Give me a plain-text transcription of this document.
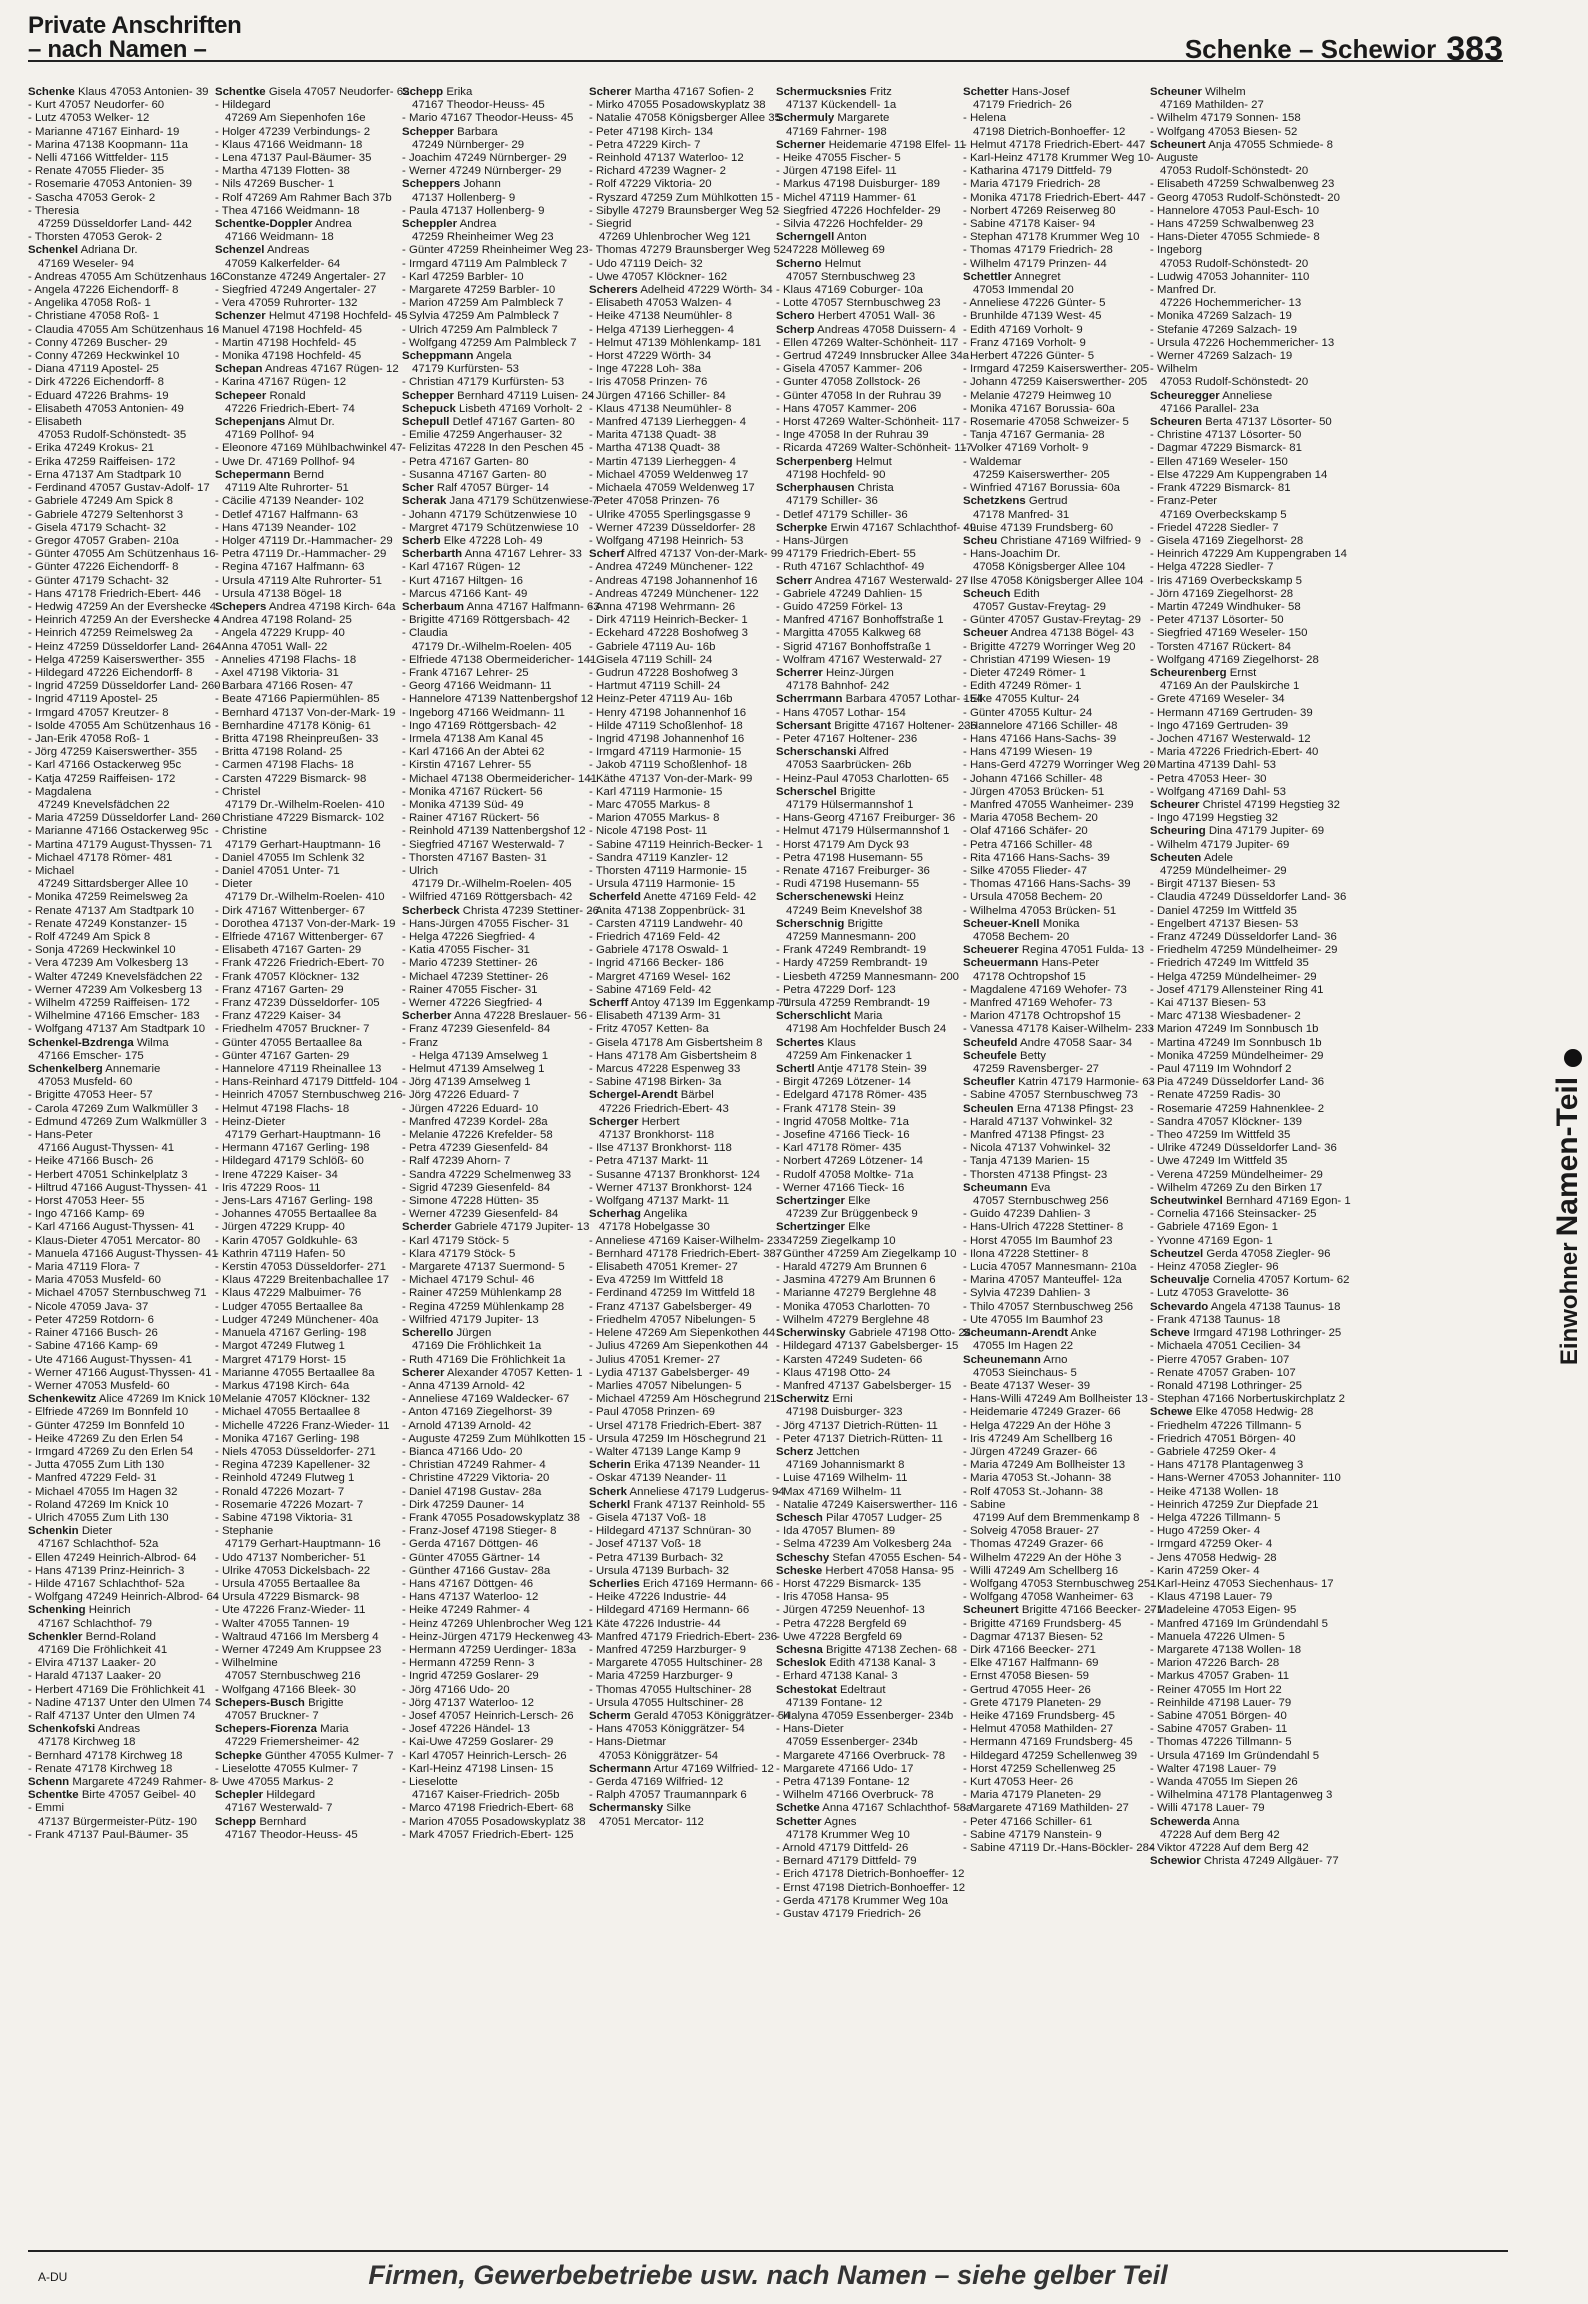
Private Anschriften
– nach Namen –	Schenke – Schewior 383
Schenke Klaus 47053 Antonien- 39
- Kurt 47057 Neudorfer- 60
- Lutz 47053 Welker- 12
- Marianne 47167 Einhard- 19
- Marina 47138 Koopmann- 11a
- Nelli 47166 Wittfelder- 115
- Renate 47055 Flieder- 35
- Rosemarie 47053 Antonien- 39
- Sascha 47053 Gerok- 2
- Theresia
47259 Düsseldorfer Land- 442
- Thorsten 47053 Gerok- 2
Schenkel Adriana Dr.
47169 Weseler- 94
- Andreas 47055 Am Schützenhaus 16
- Angela 47226 Eichendorff- 8
- Angelika 47058 Roß- 1
- Christiane 47058 Roß- 1
- Claudia 47055 Am Schützenhaus 16
- Conny 47269 Buscher- 29
- Conny 47269 Heckwinkel 10
- Diana 47119 Apostel- 25
- Dirk 47226 Eichendorff- 8
- Eduard 47226 Brahms- 19
- Elisabeth 47053 Antonien- 49
- Elisabeth
47053 Rudolf-Schönstedt- 35
- Erika 47249 Krokus- 21
- Erika 47259 Raiffeisen- 172
- Erna 47137 Am Stadtpark 10
- Ferdinand 47057 Gustav-Adolf- 17
- Gabriele 47249 Am Spick 8
- Gabriele 47279 Seltenhorst 3
- Gisela 47179 Schacht- 32
- Gregor 47057 Graben- 210a
- Günter 47055 Am Schützenhaus 16
- Günter 47226 Eichendorff- 8
- Günter 47179 Schacht- 32
- Hans 47178 Friedrich-Ebert- 446
- Hedwig 47259 An der Evershecke 4
- Heinrich 47259 An der Evershecke 4
- Heinrich 47259 Reimelsweg 2a
- Heinz 47259 Düsseldorfer Land- 264
- Helga 47259 Kaiserswerther- 355
- Hildegard 47226 Eichendorff- 8
- Ingrid 47259 Düsseldorfer Land- 260
- Ingrid 47119 Apostel- 25
- Irmgard 47057 Kreutzer- 8
- Isolde 47055 Am Schützenhaus 16
- Jan-Erik 47058 Roß- 1
- Jörg 47259 Kaiserswerther- 355
- Karl 47166 Ostackerweg 95c
- Katja 47259 Raiffeisen- 172
- Magdalena
47249 Knevelsfädchen 22
- Maria 47259 Düsseldorfer Land- 260
- Marianne 47166 Ostackerweg 95c
- Martina 47179 August-Thyssen- 71
- Michael 47178 Römer- 481
- Michael
47249 Sittardsberger Allee 10
- Monika 47259 Reimelsweg 2a
- Renate 47137 Am Stadtpark 10
- Renate 47249 Konstanzer- 15
- Rolf 47249 Am Spick 8
- Sonja 47269 Heckwinkel 10
- Vera 47239 Am Volkesberg 13
- Walter 47249 Knevelsfädchen 22
- Werner 47239 Am Volkesberg 13
- Wilhelm 47259 Raiffeisen- 172
- Wilhelmine 47166 Emscher- 183
- Wolfgang 47137 Am Stadtpark 10
Schenkel-Bzdrenga Wilma
47166 Emscher- 175
Schenkelberg Annemarie
47053 Musfeld- 60
- Brigitte 47053 Heer- 57
- Carola 47269 Zum Walkmüller 3
- Edmund 47269 Zum Walkmüller 3
- Hans-Peter
47166 August-Thyssen- 41
- Heike 47166 Busch- 26
- Herbert 47051 Schinkelplatz 3
- Hiltrud 47166 August-Thyssen- 41
- Horst 47053 Heer- 55
- Ingo 47166 Kamp- 69
- Karl 47166 August-Thyssen- 41
- Klaus-Dieter 47051 Mercator- 80
- Manuela 47166 August-Thyssen- 41
- Maria 47119 Flora- 7
- Maria 47053 Musfeld- 60
- Michael 47057 Sternbuschweg 71
- Nicole 47059 Java- 37
- Peter 47259 Rotdorn- 6
- Rainer 47166 Busch- 26
- Sabine 47166 Kamp- 69
- Ute 47166 August-Thyssen- 41
- Werner 47166 August-Thyssen- 41
- Werner 47053 Musfeld- 60
Schenkewitz Alice 47269 Im Knick 10
- Elfriede 47269 Im Bonnfeld 10
- Günter 47259 Im Bonnfeld 10
- Heike 47269 Zu den Erlen 54
- Irmgard 47269 Zu den Erlen 54
- Jutta 47055 Zum Lith 130
- Manfred 47229 Feld- 31
- Michael 47055 Im Hagen 32
- Roland 47269 Im Knick 10
- Ulrich 47055 Zum Lith 130
Schenkin Dieter
47167 Schlachthof- 52a
- Ellen 47249 Heinrich-Albrod- 64
- Hans 47139 Prinz-Heinrich- 3
- Hilde 47167 Schlachthof- 52a
- Wolfgang 47249 Heinrich-Albrod- 64
Schenking Heinrich
47167 Schlachthof- 79
Schenkler Bernd-Roland
47169 Die Fröhlichkeit 41
- Elvira 47137 Laaker- 20
- Harald 47137 Laaker- 20
- Herbert 47169 Die Fröhlichkeit 41
- Nadine 47137 Unter den Ulmen 74
- Ralf 47137 Unter den Ulmen 74
Schenkofski Andreas
47178 Kirchweg 18
- Bernhard 47178 Kirchweg 18
- Renate 47178 Kirchweg 18
Schenn Margarete 47249 Rahmer- 8
Schentke Birte 47057 Geibel- 40
- Emmi
47137 Bürgermeister-Pütz- 190
- Frank 47137 Paul-Bäumer- 35
Schentke Gisela 47057 Neudorfer- 62
- Hildegard
47269 Am Siepenhofen 16e
- Holger 47239 Verbindungs- 2
- Klaus 47166 Weidmann- 18
- Lena 47137 Paul-Bäumer- 35
- Martha 47139 Flotten- 38
- Nils 47269 Buscher- 1
- Rolf 47269 Am Rahmer Bach 37b
- Thea 47166 Weidmann- 18
Schentke-Doppler Andrea
47166 Weidmann- 18
Schenzel Andreas
47059 Kalkerfelder- 64
- Constanze 47249 Angertaler- 27
- Siegfried 47249 Angertaler- 27
- Vera 47059 Ruhrorter- 132
Schenzer Helmut 47198 Hochfeld- 45
- Manuel 47198 Hochfeld- 45
- Martin 47198 Hochfeld- 45
- Monika 47198 Hochfeld- 45
Schepan Andreas 47167 Rügen- 12
- Karina 47167 Rügen- 12
Schepeer Ronald
47226 Friedrich-Ebert- 74
Schepenjans Almut Dr.
47169 Pollhof- 94
- Eleonore 47169 Mühlbachwinkel 47
- Uwe Dr. 47169 Pollhof- 94
Schepermann Bernd
47119 Alte Ruhrorter- 51
- Cäcilie 47139 Neander- 102
- Detlef 47167 Halfmann- 63
- Hans 47139 Neander- 102
- Holger 47119 Dr.-Hammacher- 29
- Petra 47119 Dr.-Hammacher- 29
- Regina 47167 Halfmann- 63
- Ursula 47119 Alte Ruhrorter- 51
- Ursula 47138 Bögel- 18
Schepers Andrea 47198 Kirch- 64a
- Andrea 47198 Roland- 25
- Angela 47229 Krupp- 40
- Anna 47051 Wall- 22
- Annelies 47198 Flachs- 18
- Axel 47198 Viktoria- 31
- Barbara 47166 Rosen- 47
- Beate 47166 Papiermühlen- 85
- Bernhard 47137 Von-der-Mark- 19
- Bernhardine 47178 König- 61
- Britta 47198 Rheinpreußen- 33
- Britta 47198 Roland- 25
- Carmen 47198 Flachs- 18
- Carsten 47229 Bismarck- 98
- Christel
47179 Dr.-Wilhelm-Roelen- 410
- Christiane 47229 Bismarck- 102
- Christine
47179 Gerhart-Hauptmann- 16
- Daniel 47055 Im Schlenk 32
- Daniel 47051 Unter- 71
- Dieter
47179 Dr.-Wilhelm-Roelen- 410
- Dirk 47167 Wittenberger- 67
- Dorothea 47137 Von-der-Mark- 19
- Elfriede 47167 Wittenberger- 67
- Elisabeth 47167 Garten- 29
- Frank 47226 Friedrich-Ebert- 70
- Frank 47057 Klöckner- 132
- Franz 47167 Garten- 29
- Franz 47239 Düsseldorfer- 105
- Franz 47229 Kaiser- 34
- Friedhelm 47057 Bruckner- 7
- Günter 47055 Bertaallee 8a
- Günter 47167 Garten- 29
- Hannelore 47119 Rheinallee 13
- Hans-Reinhard 47179 Dittfeld- 104
- Heinrich 47057 Sternbuschweg 216
- Helmut 47198 Flachs- 18
- Heinz-Dieter
47179 Gerhart-Hauptmann- 16
- Hermann 47167 Gerling- 198
- Hildegard 47179 Schlöß- 60
- Irene 47229 Kaiser- 34
- Iris 47229 Roos- 11
- Jens-Lars 47167 Gerling- 198
- Johannes 47055 Bertaallee 8a
- Jürgen 47229 Krupp- 40
- Karin 47057 Goldkuhle- 63
- Kathrin 47119 Hafen- 50
- Kerstin 47053 Düsseldorfer- 271
- Klaus 47229 Breitenbachallee 17
- Klaus 47229 Malbuimer- 76
- Ludger 47055 Bertaallee 8a
- Ludger 47249 Münchener- 40a
- Manuela 47167 Gerling- 198
- Margot 47249 Flutweg 1
- Margret 47179 Horst- 15
- Marianne 47055 Bertaallee 8a
- Markus 47198 Kirch- 64a
- Melanie 47057 Klöckner- 132
- Michael 47055 Bertaallee 8
- Michelle 47226 Franz-Wieder- 11
- Monika 47167 Gerling- 198
- Niels 47053 Düsseldorfer- 271
- Regina 47239 Kapellener- 32
- Reinhold 47249 Flutweg 1
- Ronald 47226 Mozart- 7
- Rosemarie 47226 Mozart- 7
- Sabine 47198 Viktoria- 31
- Stephanie
47179 Gerhart-Hauptmann- 16
- Udo 47137 Nombericher- 51
- Ulrike 47053 Dickelsbach- 22
- Ursula 47055 Bertaallee 8a
- Ursula 47229 Bismarck- 98
- Ute 47226 Franz-Wieder- 11
- Walter 47055 Tannen- 19
- Waltraud 47166 Im Mersberg 4
- Werner 47249 Am Kruppsee 23
- Wilhelmine
47057 Sternbuschweg 216
- Wolfgang 47166 Bleek- 30
Schepers-Busch Brigitte
47057 Bruckner- 7
Schepers-Fiorenza Maria
47229 Friemersheimer- 42
Schepke Günther 47055 Kulmer- 7
- Lieselotte 47055 Kulmer- 7
- Uwe 47055 Markus- 2
Schepler Hildegard
47167 Westerwald- 7
Schepp Bernhard
47167 Theodor-Heuss- 45
Schepp Erika
47167 Theodor-Heuss- 45
- Mario 47167 Theodor-Heuss- 45
Schepper Barbara
47249 Nürnberger- 29
- Joachim 47249 Nürnberger- 29
- Werner 47249 Nürnberger- 29
Scheppers Johann
47137 Hollenberg- 9
- Paula 47137 Hollenberg- 9
Scheppler Andrea
47259 Rheinheimer Weg 23
- Günter 47259 Rheinheimer Weg 23
- Irmgard 47119 Am Palmbleck 7
- Karl 47259 Barbler- 10
- Margarete 47259 Barbler- 10
- Marion 47259 Am Palmbleck 7
- Sylvia 47259 Am Palmbleck 7
- Ulrich 47259 Am Palmbleck 7
- Wolfgang 47259 Am Palmbleck 7
Scheppmann Angela
47179 Kurfürsten- 53
- Christian 47179 Kurfürsten- 53
Schepper Bernhard 47119 Luisen- 24
Schepuck Lisbeth 47169 Vorholt- 2
Schepull Detlef 47167 Garten- 80
- Emilie 47259 Angerhauser- 32
- Felizitas 47228 In den Peschen 45
- Petra 47167 Garten- 80
- Susanna 47167 Garten- 80
Scher Ralf 47057 Bürger- 14
Scherak Jana 47179 Schützenwiese 7
- Johann 47179 Schützenwiese 10
- Margret 47179 Schützenwiese 10
Scherb Elke 47228 Loh- 49
Scherbarth Anna 47167 Lehrer- 33
- Karl 47167 Rügen- 12
- Kurt 47167 Hiltgen- 16
- Marcus 47166 Kant- 49
Scherbaum Anna 47167 Halfmann- 63
- Brigitte 47169 Röttgersbach- 42
- Claudia
47179 Dr.-Wilhelm-Roelen- 405
- Elfriede 47138 Obermeidericher- 141
- Frank 47167 Lehrer- 25
- Georg 47166 Weidmann- 11
- Hannelore 47139 Nattenbergshof 12
- Ingeborg 47166 Weidmann- 11
- Ingo 47169 Röttgersbach- 42
- Irmela 47138 Am Kanal 45
- Karl 47166 An der Abtei 62
- Kirstin 47167 Lehrer- 55
- Michael 47138 Obermeidericher- 141
- Monika 47167 Rückert- 56
- Monika 47139 Süd- 49
- Rainer 47167 Rückert- 56
- Reinhold 47139 Nattenbergshof 12
- Siegfried 47167 Westerwald- 7
- Thorsten 47167 Basten- 31
- Ulrich
47179 Dr.-Wilhelm-Roelen- 405
- Wilfried 47169 Röttgersbach- 42
Scherbeck Christa 47239 Stettiner- 26
- Hans-Jürgen 47055 Fischer- 31
- Helga 47226 Siegfried- 4
- Katia 47055 Fischer- 31
- Mario 47239 Stettiner- 26
- Michael 47239 Stettiner- 26
- Rainer 47055 Fischer- 31
- Werner 47226 Siegfried- 4
Scherber Anna 47228 Breslauer- 56
- Franz 47239 Giesenfeld- 84
- Franz
- Helga 47139 Amselweg 1
- Helmut 47139 Amselweg 1
- Jörg 47139 Amselweg 1
- Jörg 47226 Eduard- 7
- Jürgen 47226 Eduard- 10
- Manfred 47239 Kordel- 28a
- Melanie 47226 Krefelder- 58
- Petra 47239 Giesenfeld- 84
- Ralf 47239 Ahorn- 7
- Sandra 47229 Schelmenweg 33
- Sigrid 47239 Giesenfeld- 84
- Simone 47228 Hütten- 35
- Werner 47239 Giesenfeld- 84
Scherder Gabriele 47179 Jupiter- 13
- Karl 47179 Stöck- 5
- Klara 47179 Stöck- 5
- Margarete 47137 Suermond- 5
- Michael 47179 Schul- 46
- Rainer 47259 Mühlenkamp 28
- Regina 47259 Mühlenkamp 28
- Wilfried 47179 Jupiter- 13
Scherello Jürgen
47169 Die Fröhlichkeit 1a
- Ruth 47169 Die Fröhlichkeit 1a
Scherer Alexander 47057 Ketten- 1
- Anna 47139 Arnold- 42
- Anneliese 47169 Waldecker- 67
- Anton 47169 Ziegelhorst- 39
- Arnold 47139 Arnold- 42
- Auguste 47259 Zum Mühlkotten 15
- Bianca 47166 Udo- 20
- Christian 47249 Rahmer- 4
- Christine 47229 Viktoria- 20
- Daniel 47198 Gustav- 28a
- Dirk 47259 Dauner- 14
- Frank 47055 Posadowskyplatz 38
- Franz-Josef 47198 Stieger- 8
- Gerda 47167 Döttgen- 46
- Günter 47055 Gärtner- 14
- Günther 47166 Gustav- 28a
- Hans 47167 Döttgen- 46
- Hans 47137 Waterloo- 12
- Heike 47249 Rahmer- 4
- Heinz 47269 Uhlenbrocher Weg 121
- Heinz-Jürgen 47179 Heckenweg 43
- Hermann 47259 Uerdinger- 183a
- Hermann 47259 Renn- 3
- Ingrid 47259 Goslarer- 29
- Jörg 47166 Udo- 20
- Jörg 47137 Waterloo- 12
- Josef 47057 Heinrich-Lersch- 26
- Josef 47226 Händel- 13
- Kai-Uwe 47259 Goslarer- 29
- Karl 47057 Heinrich-Lersch- 26
- Karl-Heinz 47198 Linsen- 15
- Lieselotte
47167 Kaiser-Friedrich- 205b
- Marco 47198 Friedrich-Ebert- 68
- Marion 47055 Posadowskyplatz 38
- Mark 47057 Friedrich-Ebert- 125
Scherer Martha 47167 Sofien- 2
- Mirko 47055 Posadowskyplatz 38
- Natalie 47058 Königsberger Allee 35
- Peter 47198 Kirch- 134
- Petra 47229 Kirch- 7
- Reinhold 47137 Waterloo- 12
- Richard 47239 Wagner- 2
- Rolf 47229 Viktoria- 20
- Ryszard 47259 Zum Mühlkotten 15
- Sibylle 47279 Braunsberger Weg 52
- Siegrid
47269 Uhlenbrocher Weg 121
- Thomas 47279 Braunsberger Weg 52
- Udo 47119 Deich- 32
- Uwe 47057 Klöckner- 162
Scherers Adelheid 47229 Wörth- 34
- Elisabeth 47053 Walzen- 4
- Heike 47138 Neumühler- 8
- Helga 47139 Lierheggen- 4
- Helmut 47139 Möhlenkamp- 181
- Horst 47229 Wörth- 34
- Inge 47228 Loh- 38a
- Iris 47058 Prinzen- 76
- Jürgen 47166 Schiller- 84
- Klaus 47138 Neumühler- 8
- Manfred 47139 Lierheggen- 4
- Marita 47138 Quadt- 38
- Martha 47138 Quadt- 38
- Martin 47139 Lierheggen- 4
- Michael 47059 Weldenweg 17
- Michaela 47059 Weldenweg 17
- Peter 47058 Prinzen- 76
- Ulrike 47055 Sperlingsgasse 9
- Werner 47239 Düsseldorfer- 28
- Wolfgang 47198 Heinrich- 53
Scherf Alfred 47137 Von-der-Mark- 99
- Andrea 47249 Münchener- 122
- Andreas 47198 Johannenhof 16
- Andreas 47249 Münchener- 122
- Anna 47198 Wehrmann- 26
- Dirk 47119 Heinrich-Becker- 1
- Eckehard 47228 Boshofweg 3
- Gabriele 47119 Au- 16b
- Gisela 47119 Schill- 24
- Gudrun 47228 Boshofweg 3
- Hartmut 47119 Schill- 24
- Heinz-Peter 47119 Au- 16b
- Henry 47198 Johannenhof 16
- Hilde 47119 Schoßlenhof- 18
- Ingrid 47198 Johannenhof 16
- Irmgard 47119 Harmonie- 15
- Jakob 47119 Schoßlenhof- 18
- Käthe 47137 Von-der-Mark- 99
- Karl 47119 Harmonie- 15
- Marc 47055 Markus- 8
- Marion 47055 Markus- 8
- Nicole 47198 Post- 11
- Sabine 47119 Heinrich-Becker- 1
- Sandra 47119 Kanzler- 12
- Thorsten 47119 Harmonie- 15
- Ursula 47119 Harmonie- 15
Scherfeld Anette 47169 Feld- 42
- Anita 47138 Zoppenbrück- 31
- Carsten 47119 Landwehr- 40
- Friedrich 47169 Feld- 42
- Gabriele 47178 Oswald- 1
- Ingrid 47166 Becker- 186
- Margret 47169 Wesel- 162
- Sabine 47169 Feld- 42
Scherff Antoy 47139 Im Eggenkamp 71
- Elisabeth 47139 Arm- 31
- Fritz 47057 Ketten- 8a
- Gisela 47178 Am Gisbertsheim 8
- Hans 47178 Am Gisbertsheim 8
- Marcus 47228 Espenweg 33
- Sabine 47198 Birken- 3a
Schergel-Arendt Bärbel
47226 Friedrich-Ebert- 43
Scherger Herbert
47137 Bronkhorst- 118
- Ilse 47137 Bronkhorst- 118
- Petra 47137 Markt- 11
- Susanne 47137 Bronkhorst- 124
- Werner 47137 Bronkhorst- 124
- Wolfgang 47137 Markt- 11
Scherhag Angelika
47178 Hobelgasse 30
- Anneliese 47169 Kaiser-Wilhelm- 233
- Bernhard 47178 Friedrich-Ebert- 387
- Elisabeth 47051 Kremer- 27
- Eva 47259 Im Wittfeld 18
- Ferdinand 47259 Im Wittfeld 18
- Franz 47137 Gabelsberger- 49
- Friedhelm 47057 Nibelungen- 5
- Helene 47269 Am Siepenkothen 44
- Julius 47269 Am Siepenkothen 44
- Julius 47051 Kremer- 27
- Lydia 47137 Gabelsberger- 49
- Marlies 47057 Nibelungen- 5
- Michael 47259 Am Höschegrund 21
- Paul 47058 Prinzen- 69
- Ursel 47178 Friedrich-Ebert- 387
- Ursula 47259 Im Höschegrund 21
- Walter 47139 Lange Kamp 9
Scherin Erika 47139 Neander- 11
- Oskar 47139 Neander- 11
Scherk Anneliese 47179 Ludgerus- 94
Scherkl Frank 47137 Reinhold- 55
- Gisela 47137 Voß- 18
- Hildegard 47137 Schnüran- 30
- Josef 47137 Voß- 18
- Petra 47139 Burbach- 32
- Ursula 47139 Burbach- 32
Scherlies Erich 47169 Hermann- 66
- Heike 47226 Industrie- 44
- Hildegard 47169 Hermann- 66
- Käte 47226 Industrie- 44
- Manfred 47179 Friedrich-Ebert- 236
- Manfred 47259 Harzburger- 9
- Margarete 47055 Hultschiner- 28
- Maria 47259 Harzburger- 9
- Thomas 47055 Hultschiner- 28
- Ursula 47055 Hultschiner- 28
Scherm Gerald 47053 Königgrätzer- 54
- Hans 47053 Königgrätzer- 54
- Hans-Dietmar
47053 Königgrätzer- 54
Schermann Artur 47169 Wilfried- 12
- Gerda 47169 Wilfried- 12
- Ralph 47057 Traumannpark 6
Schermansky Silke
47051 Mercator- 112
Schermucksnies Fritz
47137 Kückendell- 1a
Schermuly Margarete
47169 Fahrner- 198
Scherner Heidemarie 47198 Elfel- 11
- Heike 47055 Fischer- 5
- Jürgen 47198 Eifel- 11
- Markus 47198 Duisburger- 189
- Michel 47119 Hammer- 61
- Siegfried 47226 Hochfelder- 29
- Silvia 47226 Hochfelder- 29
Scherngell Anton
47228 Mölleweg 69
Scherno Helmut
47057 Sternbuschweg 23
- Klaus 47169 Coburger- 10a
- Lotte 47057 Sternbuschweg 23
Schero Herbert 47051 Wall- 36
Scherp Andreas 47058 Duissern- 4
- Ellen 47269 Walter-Schönheit- 117
- Gertrud 47249 Innsbrucker Allee 34a
- Gisela 47057 Kammer- 206
- Gunter 47058 Zollstock- 26
- Günter 47058 In der Ruhrau 39
- Hans 47057 Kammer- 206
- Horst 47269 Walter-Schönheit- 117
- Inge 47058 In der Ruhrau 39
- Ricarda 47269 Walter-Schönheit- 117
Scherpenberg Helmut
47198 Hochfeld- 90
Scherphausen Christa
47179 Schiller- 36
- Detlef 47179 Schiller- 36
Scherpke Erwin 47167 Schlachthof- 49
- Hans-Jürgen
47179 Friedrich-Ebert- 55
- Ruth 47167 Schlachthof- 49
Scherr Andrea 47167 Westerwald- 27
- Gabriele 47249 Dahlien- 15
- Guido 47259 Förkel- 13
- Manfred 47167 Bonhoffstraße 1
- Margitta 47055 Kalkweg 68
- Sigrid 47167 Bonhoffstraße 1
- Wolfram 47167 Westerwald- 27
Scherrer Heinz-Jürgen
47178 Bahnhof- 242
Scherrmann Barbara 47057 Lothar- 154
- Hans 47057 Lothar- 154
Schersant Brigitte 47167 Holtener- 236
- Peter 47167 Holtener- 236
Scherschanski Alfred
47053 Saarbrücken- 26b
- Heinz-Paul 47053 Charlotten- 65
Scherschel Brigitte
47179 Hülsermannshof 1
- Hans-Georg 47167 Freiburger- 36
- Helmut 47179 Hülsermannshof 1
- Horst 47179 Am Dyck 93
- Petra 47198 Husemann- 55
- Renate 47167 Freiburger- 36
- Rudi 47198 Husemann- 55
Scherschenewski Heinz
47249 Beim Knevelshof 38
Scherschnig Brigitte
47259 Mannesmann- 200
- Frank 47249 Rembrandt- 19
- Hardy 47259 Rembrandt- 19
- Liesbeth 47259 Mannesmann- 200
- Petra 47229 Dorf- 123
- Ursula 47259 Rembrandt- 19
Scherschlicht Maria
47198 Am Hochfelder Busch 24
Schertes Klaus
47259 Am Finkenacker 1
Schertl Antje 47178 Stein- 39
- Birgit 47269 Lötzener- 14
- Edelgard 47178 Römer- 435
- Frank 47178 Stein- 39
- Ingrid 47058 Moltke- 71a
- Josefine 47166 Tieck- 16
- Karl 47178 Römer- 435
- Norbert 47269 Lötzener- 14
- Rudolf 47058 Moltke- 71a
- Werner 47166 Tieck- 16
Schertzinger Elke
47239 Zur Brüggenbeck 9
Schertzinger Elke
47259 Ziegelkamp 10
- Günther 47259 Am Ziegelkamp 10
- Harald 47279 Am Brunnen 6
- Jasmina 47279 Am Brunnen 6
- Marianne 47279 Berglehne 48
- Monika 47053 Charlotten- 70
- Wilhelm 47279 Berglehne 48
Scherwinsky Gabriele 47198 Otto- 24
- Hildegard 47137 Gabelsberger- 15
- Karsten 47249 Sudeten- 66
- Klaus 47198 Otto- 24
- Manfred 47137 Gabelsberger- 15
Scherwitz Erni
47198 Duisburger- 323
- Jörg 47137 Dietrich-Rütten- 11
- Peter 47137 Dietrich-Rütten- 11
Scherz Jettchen
47169 Johannismarkt 8
- Luise 47169 Wilhelm- 11
- Max 47169 Wilhelm- 11
- Natalie 47249 Kaiserswerther- 116
Schesch Pilar 47057 Ludger- 25
- Ida 47057 Blumen- 89
- Selma 47239 Am Volkesberg 24a
Scheschy Stefan 47055 Eschen- 54
Scheske Herbert 47058 Hansa- 95
- Horst 47229 Bismarck- 135
- Iris 47058 Hansa- 95
- Jürgen 47259 Neuenhof- 13
- Petra 47228 Bergfeld 69
- Uwe 47228 Bergfeld 69
Schesna Brigitte 47138 Zechen- 68
Scheslok Edith 47138 Kanal- 3
- Erhard 47138 Kanal- 3
Schestokat Edeltraut
47139 Fontane- 12
- Halyna 47059 Essenberger- 234b
- Hans-Dieter
47059 Essenberger- 234b
- Margarete 47166 Overbruck- 78
- Margarete 47166 Udo- 17
- Petra 47139 Fontane- 12
- Wilhelm 47166 Overbruck- 78
Schetke Anna 47167 Schlachthof- 58a
Schetter Agnes
47178 Krummer Weg 10
- Arnold 47179 Dittfeld- 26
- Bernard 47179 Dittfeld- 79
- Erich 47178 Dietrich-Bonhoeffer- 12
- Ernst 47198 Dietrich-Bonhoeffer- 12
- Gerda 47178 Krummer Weg 10a
- Gustav 47179 Friedrich- 26
Schetter Hans-Josef
47179 Friedrich- 26
- Helena
47198 Dietrich-Bonhoeffer- 12
- Helmut 47178 Friedrich-Ebert- 447
- Karl-Heinz 47178 Krummer Weg 10
- Katharina 47179 Dittfeld- 79
- Maria 47179 Friedrich- 28
- Monika 47178 Friedrich-Ebert- 447
- Norbert 47269 Reiserweg 80
- Sabine 47178 Kaiser- 94
- Stephan 47178 Krummer Weg 10
- Thomas 47179 Friedrich- 28
- Wilhelm 47179 Prinzen- 44
Schettler Annegret
47053 Immendal 20
- Anneliese 47226 Günter- 5
- Brunhilde 47139 West- 45
- Edith 47169 Vorholt- 9
- Franz 47169 Vorholt- 9
- Herbert 47226 Günter- 5
- Irmgard 47259 Kaiserswerther- 205
- Johann 47259 Kaiserswerther- 205
- Melanie 47279 Heimweg 10
- Monika 47167 Borussia- 60a
- Rosemarie 47058 Schweizer- 5
- Tanja 47167 Germania- 28
- Volker 47169 Vorholt- 9
- Waldemar
47259 Kaiserswerther- 205
- Winfried 47167 Borussia- 60a
Schetzkens Gertrud
47178 Manfred- 31
- Luise 47139 Frundsberg- 60
Scheu Christiane 47169 Wilfried- 9
- Hans-Joachim Dr.
47058 Königsberger Allee 104
- Ilse 47058 Königsberger Allee 104
Scheuch Edith
47057 Gustav-Freytag- 29
- Günter 47057 Gustav-Freytag- 29
Scheuer Andrea 47138 Bögel- 43
- Brigitte 47279 Worringer Weg 20
- Christian 47199 Wiesen- 19
- Dieter 47249 Römer- 1
- Edith 47249 Römer- 1
- Elke 47055 Kultur- 24
- Günter 47055 Kultur- 24
- Hannelore 47166 Schiller- 48
- Hans 47166 Hans-Sachs- 39
- Hans 47199 Wiesen- 19
- Hans-Gerd 47279 Worringer Weg 20
- Johann 47166 Schiller- 48
- Jürgen 47053 Brücken- 51
- Manfred 47055 Wanheimer- 239
- Maria 47058 Bechem- 20
- Olaf 47166 Schäfer- 20
- Petra 47166 Schiller- 48
- Rita 47166 Hans-Sachs- 39
- Silke 47055 Flieder- 47
- Thomas 47166 Hans-Sachs- 39
- Ursula 47058 Bechem- 20
- Wilhelma 47053 Brücken- 51
Scheuer-Knell Monika
47058 Bechem- 20
Scheuerer Regina 47051 Fulda- 13
Scheuermann Hans-Peter
47178 Ochtropshof 15
- Magdalene 47169 Wehofer- 73
- Manfred 47169 Wehofer- 73
- Marion 47178 Ochtropshof 15
- Vanessa 47178 Kaiser-Wilhelm- 233
Scheufeld Andre 47058 Saar- 34
Scheufele Betty
47259 Ravensberger- 27
Scheufler Katrin 47179 Harmonie- 63
- Sabine 47057 Sternbuschweg 73
Scheulen Erna 47138 Pfingst- 23
- Harald 47137 Vohwinkel- 32
- Manfred 47138 Pfingst- 23
- Nicola 47137 Vohwinkel- 32
- Tanja 47139 Marien- 15
- Thorsten 47138 Pfingst- 23
Scheumann Eva
47057 Sternbuschweg 256
- Guido 47239 Dahlien- 3
- Hans-Ulrich 47228 Stettiner- 8
- Horst 47055 Im Baumhof 23
- Ilona 47228 Stettiner- 8
- Lucia 47057 Mannesmann- 210a
- Marina 47057 Manteuffel- 12a
- Sylvia 47239 Dahlien- 3
- Thilo 47057 Sternbuschweg 256
- Ute 47055 Im Baumhof 23
Scheumann-Arendt Anke
47055 Im Hagen 22
Scheunemann Arno
47053 Sieinchaus- 5
- Beate 47137 Weser- 39
- Hans-Willi 47249 Am Bollheister 13
- Heidemarie 47249 Grazer- 66
- Helga 47229 An der Höhe 3
- Iris 47249 Am Schellberg 16
- Jürgen 47249 Grazer- 66
- Maria 47249 Am Bollheister 13
- Maria 47053 St.-Johann- 38
- Rolf 47053 St.-Johann- 38
- Sabine
47199 Auf dem Bremmenkamp 8
- Solveig 47058 Brauer- 27
- Thomas 47249 Grazer- 66
- Wilhelm 47229 An der Höhe 3
- Willi 47249 Am Schellberg 16
- Wolfgang 47053 Sternbuschweg 251
- Wolfgang 47058 Wanheimer- 63
Scheunert Brigitte 47166 Beecker- 271
- Brigitte 47169 Frundsberg- 45
- Dagmar 47137 Biesen- 52
- Dirk 47166 Beecker- 271
- Elke 47167 Halfmann- 69
- Ernst 47058 Biesen- 59
- Gertrud 47055 Heer- 26
- Grete 47179 Planeten- 29
- Heike 47169 Frundsberg- 45
- Helmut 47058 Mathilden- 27
- Hermann 47169 Frundsberg- 45
- Hildegard 47259 Schellenweg 39
- Horst 47259 Schellenweg 25
- Kurt 47053 Heer- 26
- Maria 47179 Planeten- 29
- Margarete 47169 Mathilden- 27
- Peter 47166 Schiller- 61
- Sabine 47179 Nanstein- 9
- Sabine 47119 Dr.-Hans-Böckler- 284
Scheuner Wilhelm
47169 Mathilden- 27
- Wilhelm 47179 Sonnen- 158
- Wolfgang 47053 Biesen- 52
Scheunert Anja 47055 Schmiede- 8
- Auguste
47053 Rudolf-Schönstedt- 20
- Elisabeth 47259 Schwalbenweg 23
- Georg 47053 Rudolf-Schönstedt- 20
- Hannelore 47053 Paul-Esch- 10
- Hans 47259 Schwalbenweg 23
- Hans-Dieter 47055 Schmiede- 8
- Ingeborg
47053 Rudolf-Schönstedt- 20
- Ludwig 47053 Johanniter- 110
- Manfred Dr.
47226 Hochemmericher- 13
- Monika 47269 Salzach- 19
- Stefanie 47269 Salzach- 19
- Ursula 47226 Hochemmericher- 13
- Werner 47269 Salzach- 19
- Wilhelm
47053 Rudolf-Schönstedt- 20
Scheuregger Anneliese
47166 Parallel- 23a
Scheuren Berta 47137 Lösorter- 50
- Christine 47137 Lösorter- 50
- Dagmar 47229 Bismarck- 81
- Ellen 47169 Weseler- 150
- Else 47229 Am Kuppengraben 14
- Frank 47229 Bismarck- 81
- Franz-Peter
47169 Overbeckskamp 5
- Friedel 47228 Siedler- 7
- Gisela 47169 Ziegelhorst- 28
- Heinrich 47229 Am Kuppengraben 14
- Helga 47228 Siedler- 7
- Iris 47169 Overbeckskamp 5
- Jörn 47169 Ziegelhorst- 28
- Martin 47249 Windhuker- 58
- Peter 47137 Lösorter- 50
- Siegfried 47169 Weseler- 150
- Torsten 47167 Rückert- 84
- Wolfgang 47169 Ziegelhorst- 28
Scheurenberg Ernst
47169 An der Paulskirche 1
- Grete 47169 Weseler- 34
- Hermann 47169 Gertruden- 39
- Ingo 47169 Gertruden- 39
- Jochen 47167 Westerwald- 12
- Maria 47226 Friedrich-Ebert- 40
- Martina 47139 Dahl- 53
- Petra 47053 Heer- 30
- Wolfgang 47169 Dahl- 53
Scheurer Christel 47199 Hegstieg 32
- Ingo 47199 Hegstieg 32
Scheuring Dina 47179 Jupiter- 69
- Wilhelm 47179 Jupiter- 69
Scheuten Adele
47259 Mündelheimer- 29
- Birgit 47137 Biesen- 53
- Claudia 47249 Düsseldorfer Land- 36
- Daniel 47259 Im Wittfeld 35
- Engelbert 47137 Biesen- 53
- Franz 47249 Düsseldorfer Land- 36
- Friedhelm 47259 Mündelheimer- 29
- Friedrich 47249 Im Wittfeld 35
- Helga 47259 Mündelheimer- 29
- Josef 47179 Allensteiner Ring 41
- Kai 47137 Biesen- 53
- Marc 47138 Wiesbadener- 2
- Marion 47249 Im Sonnbusch 1b
- Martina 47249 Im Sonnbusch 1b
- Monika 47259 Mündelheimer- 29
- Paul 47119 Im Wohndorf 2
- Pia 47249 Düsseldorfer Land- 36
- Renate 47259 Radis- 30
- Rosemarie 47259 Hahnenklee- 2
- Sandra 47057 Klöckner- 139
- Theo 47259 Im Wittfeld 35
- Ulrike 47249 Düsseldorfer Land- 36
- Uwe 47249 Im Wittfeld 35
- Verena 47259 Mündelheimer- 29
- Wilhelm 47269 Zu den Birken 17
Scheutwinkel Bernhard 47169 Egon- 1
- Cornelia 47166 Steinsacker- 25
- Gabriele 47169 Egon- 1
- Yvonne 47169 Egon- 1
Scheutzel Gerda 47058 Ziegler- 96
- Heinz 47058 Ziegler- 96
Scheuvalje Cornelia 47057 Kortum- 62
- Lutz 47053 Gravelotte- 36
Schevardo Angela 47138 Taunus- 18
- Frank 47138 Taunus- 18
Scheve Irmgard 47198 Lothringer- 25
- Michaela 47051 Cecilien- 34
- Pierre 47057 Graben- 107
- Renate 47057 Graben- 107
- Ronald 47198 Lothringer- 25
- Stephan 47166 Norbertuskirchplatz 2
Schewe Elke 47058 Hedwig- 28
- Friedhelm 47226 Tillmann- 5
- Friedrich 47051 Börgen- 40
- Gabriele 47259 Oker- 4
- Hans 47178 Plantagenweg 3
- Hans-Werner 47053 Johanniter- 110
- Heike 47138 Wollen- 18
- Heinrich 47259 Zur Diepfade 21
- Helga 47226 Tillmann- 5
- Hugo 47259 Oker- 4
- Irmgard 47259 Oker- 4
- Jens 47058 Hedwig- 28
- Karin 47259 Oker- 4
- Karl-Heinz 47053 Siechenhaus- 17
- Klaus 47198 Lauer- 79
- Madeleine 47053 Eigen- 95
- Manfred 47169 Im Gründendahl 5
- Manuela 47226 Ulmen- 5
- Margarete 47138 Wollen- 18
- Marion 47226 Barch- 28
- Markus 47057 Graben- 11
- Reiner 47055 Im Hort 22
- Reinhilde 47198 Lauer- 79
- Sabine 47051 Börgen- 40
- Sabine 47057 Graben- 11
- Thomas 47226 Tillmann- 5
- Ursula 47169 Im Gründendahl 5
- Walter 47198 Lauer- 79
- Wanda 47055 Im Siepen 26
- Wilhelmina 47178 Plantagenweg 3
- Willi 47178 Lauer- 79
Schewerda Anna
47228 Auf dem Berg 42
- Viktor 47228 Auf dem Berg 42
Schewior Christa 47249 Allgäuer- 77
EinwohnerNamen-Teil
A-DU	Firmen, Gewerbebetriebe usw. nach Namen – siehe gelber Teil
